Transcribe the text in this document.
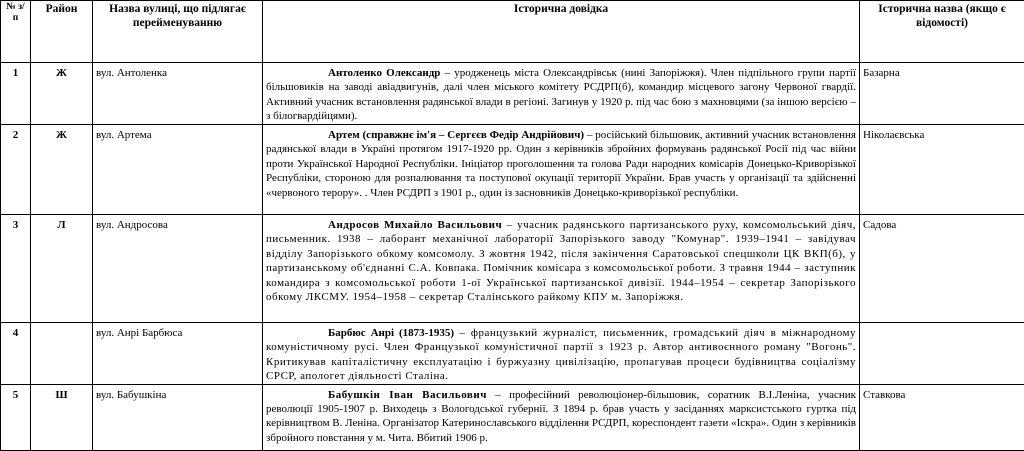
№ з/п	Район	Назва вулиці, що підлягає перейменуванню	Історична довідка	Історична назва (якщо є відомості)
1	Ж	вул. Антоленка	Антоленко Олександр – уродженець міста Олександрівськ (нині Запоріжжя). Член підпільного групи партії більшовиків на заводі авіадвигунів, далі член міського комітету РСДРП(б), командир місцевого загону Червоної гвардії. Активний учасник встановлення радянської влади в регіоні. Загинув у 1920 р. під час бою з махновцями (за іншою версією – з білогвардійцями).	Базарна
2	Ж	вул. Артема	Артем (справжнє ім'я – Сергєєв Федір Андрійович) – російський більшовик, активний учасник встановлення радянської влади в Україні протягом 1917-1920 рр. Один з керівників збройних формувань радянської Росії під час війни проти Української Народної Республіки. Ініціатор проголошення та голова Ради народних комісарів Донецько-Криворізької Республіки, стороною для розпалювання та поступової окупації території України. Брав участь у організації та здійсненні «червоного терору». . Член РСДРП з 1901 р., один із засновників Донецько-криворізької республіки.	Ніколаєвська
3	Л	вул. Андросова	Андросов Михайло Васильович – учасник радянського партизанського руху, комсомольський діяч, письменник. 1938 – лаборант механічної лабораторії Запорізького заводу "Комунар". 1939–1941 – завідувач відділу Запорізького обкому комсомолу. З жовтня 1942, після закінчення Саратовської спецшколи ЦК ВКП(б), у партизанському об'єднанні С.А. Ковпака. Помічник комісара з комсомольської роботи. З травня 1944 – заступник командира з комсомольської роботи 1-ої Української партизанської дивізії. 1944–1954 – секретар Запорізького обкому ЛКСМУ. 1954–1958 – секретар Сталінського райкому КПУ м. Запоріжжя.	Садова
4		вул. Анрі Барбюса	Барбюс Анрі (1873-1935) – французький журналіст, письменник, громадський діяч в міжнародному комуністичному русі. Член Французької комуністичної партії з 1923 р. Автор антивоєнного роману "Вогонь". Критикував капіталістичну експлуатацію і буржуазну цивілізацію, пропагував процеси будівництва соціалізму СРСР, апологет діяльності Сталіна.	
5	Ш	вул. Бабушкіна	Бабушкін Іван Васильович – професійний революціонер-більшовик, соратник В.І.Леніна, учасник революції 1905-1907 р. Виходець з Вологодської губернії. З 1894 р. брав участь у засіданнях марксистського гуртка під керівництвом В. Леніна. Організатор Катеринославського відділення РСДРП, кореспондент газети «Іскра». Один з керівників збройного повстання у м. Чита. Вбитий 1906 р.	Ставкова
